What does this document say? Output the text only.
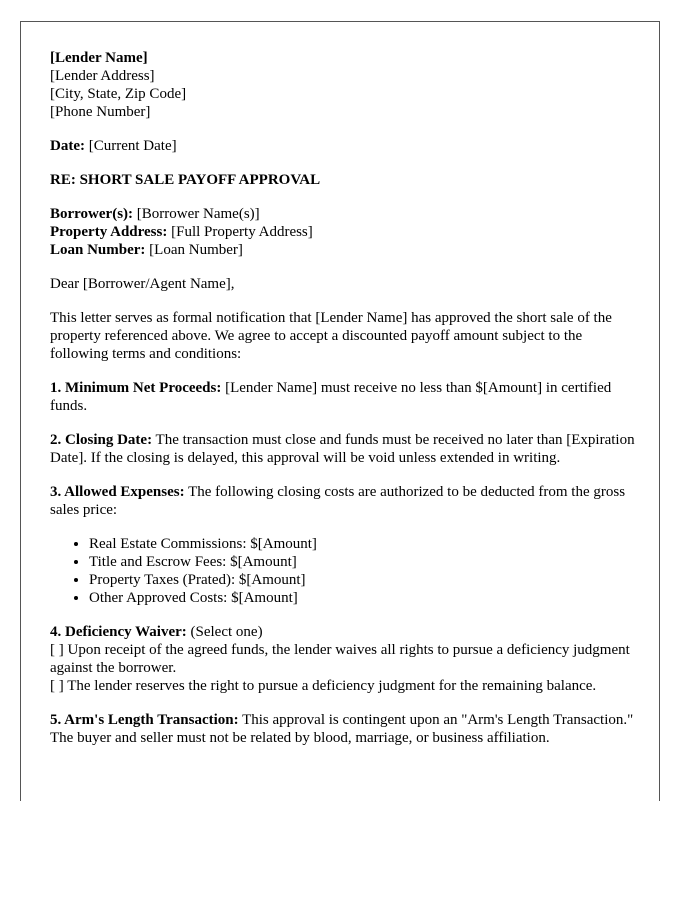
[Lender Name]
[Lender Address]
[City, State, Zip Code]
[Phone Number]

Date: [Current Date]

RE: SHORT SALE PAYOFF APPROVAL

Borrower(s): [Borrower Name(s)]
Property Address: [Full Property Address]
Loan Number: [Loan Number]

Dear [Borrower/Agent Name],

This letter serves as formal notification that [Lender Name] has approved the short sale of the property referenced above. We agree to accept a discounted payoff amount subject to the following terms and conditions:

1. Minimum Net Proceeds: [Lender Name] must receive no less than $[Amount] in certified funds.

2. Closing Date: The transaction must close and funds must be received no later than [Expiration Date]. If the closing is delayed, this approval will be void unless extended in writing.

3. Allowed Expenses: The following closing costs are authorized to be deducted from the gross sales price:

• Real Estate Commissions: $[Amount]
• Title and Escrow Fees: $[Amount]
• Property Taxes (Prated): $[Amount]
• Other Approved Costs: $[Amount]
4. Deficiency Waiver: (Select one)
[ ] Upon receipt of the agreed funds, the lender waives all rights to pursue a deficiency judgment against the borrower.
[ ] The lender reserves the right to pursue a deficiency judgment for the remaining balance.

5. Arm's Length Transaction: This approval is contingent upon an "Arm's Length Transaction." The buyer and seller must not be related by blood, marriage, or business affiliation.
